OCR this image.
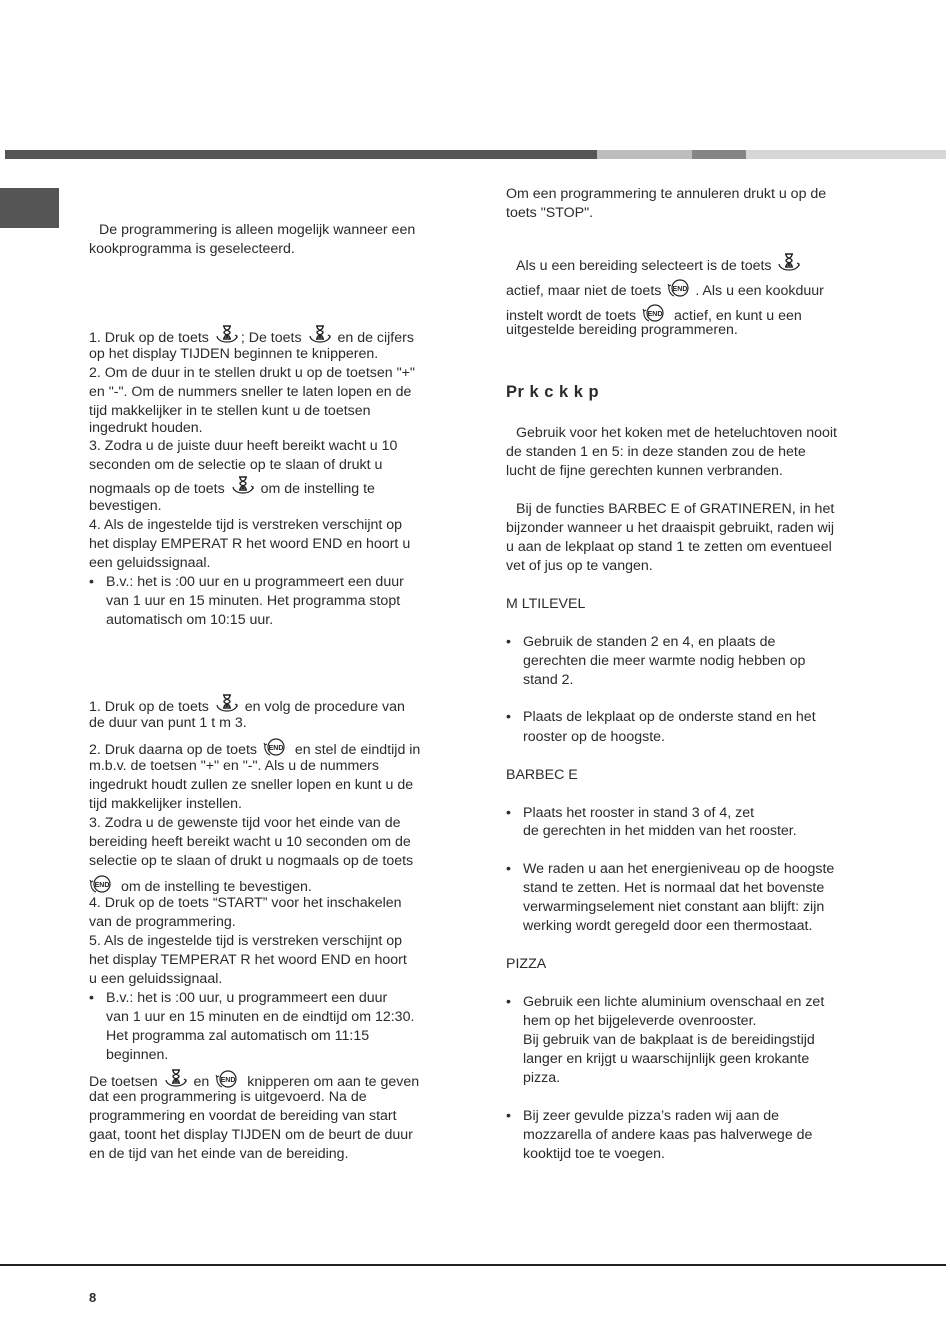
De programmering is alleen mogelijk wanneer een

kookprogramma is geselecteerd.

1. Druk op de toets ; De toets	en de cijfers

op het display TIJDEN beginnen te knipperen.

2. Om de duur in te stellen drukt u op de toetsen "+"

en "-". Om de nummers sneller te laten lopen en de

tijd makkelijker in te stellen kunt u de toetsen

ingedrukt houden.

3. Zodra u de juiste duur heeft bereikt wacht u 10

seconden om de selectie op te slaan of drukt u

nogmaals op de toets	om de instelling te

bevestigen.

4. Als de ingestelde tijd is verstreken verschijnt op

het display EMPERAT R het woord END en hoort u

een geluidssignaal.

• B.v.: het is :00 uur en u programmeert een duur

van 1 uur en 15 minuten. Het programma stopt

automatisch om 10:15 uur.

1. Druk op de toets	en volg de procedure van

de duur van punt 1 t m 3.

2. Druk daarna op de toets END en stel de eindtijd in

m.b.v. de toetsen "+" en "-". Als u de nummers

ingedrukt houdt zullen ze sneller lopen en kunt u de

tijd makkelijker instellen.

3. Zodra u de gewenste tijd voor het einde van de

bereiding heeft bereikt wacht u 10 seconden om de

selectie op te slaan of drukt u nogmaals op de toets

END om de instelling te bevestigen.

4. Druk op de toets “START” voor het inschakelen

van de programmering.

5. Als de ingestelde tijd is verstreken verschijnt op

het display TEMPERAT R het woord END en hoort

u een geluidssignaal.

• B.v.: het is :00 uur, u programmeert een duur

van 1 uur en 15 minuten en de eindtijd om 12:30.

Het programma zal automatisch om 11:15

beginnen.

De toetsen	en END knipperen om aan te geven

dat een programmering is uitgevoerd. Na de

programmering en voordat de bereiding van start

gaat, toont het display TIJDEN om de beurt de duur

en de tijd van het einde van de bereiding.

Om een programmering te annuleren drukt u op de

toets "STOP".

Als u een bereiding selecteert is de toets

actief, maar niet de toets END . Als u een kookduur

instelt wordt de toets END actief, en kunt u een

uitgestelde bereiding programmeren.

Pr k c k k p

Gebruik voor het koken met de heteluchtoven nooit

de standen 1 en 5: in deze standen zou de hete

lucht de fijne gerechten kunnen verbranden.

Bij de functies BARBEC E of GRATINEREN, in het

bijzonder wanneer u het draaispit gebruikt, raden wij

u aan de lekplaat op stand 1 te zetten om eventueel

vet of jus op te vangen.

M LTILEVEL

• Gebruik de standen 2 en 4, en plaats de

gerechten die meer warmte nodig hebben op

stand 2.

• Plaats de lekplaat op de onderste stand en het

rooster op de hoogste.

BARBEC E

• Plaats het rooster in stand 3 of 4, zet

de gerechten in het midden van het rooster.

• We raden u aan het energieniveau op de hoogste

stand te zetten. Het is normaal dat het bovenste

verwarmingselement niet constant aan blijft: zijn

werking wordt geregeld door een thermostaat.

PIZZA

• Gebruik een lichte aluminium ovenschaal en zet

hem op het bijgeleverde ovenrooster.

Bij gebruik van de bakplaat is de bereidingstijd

langer en krijgt u waarschijnlijk geen krokante

pizza.

• Bij zeer gevulde pizza’s raden wij aan de

mozzarella of andere kaas pas halverwege de

kooktijd toe te voegen.

8
